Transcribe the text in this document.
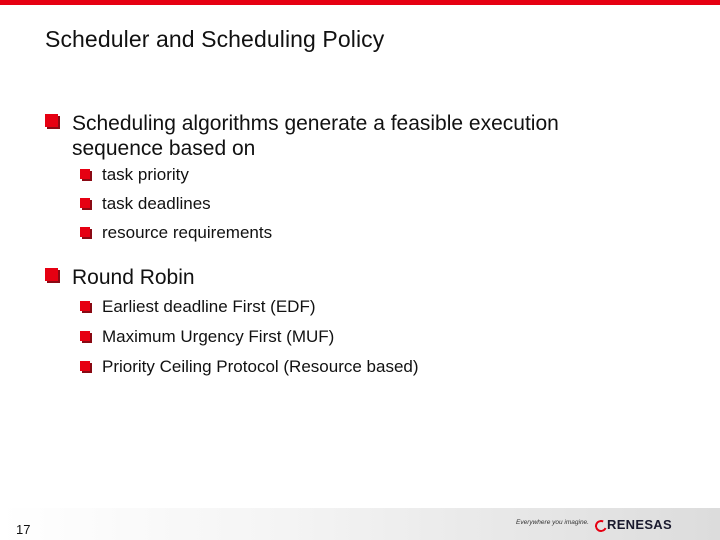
Scheduler and Scheduling Policy
Scheduling algorithms generate a feasible execution
sequence based on
task priority
task deadlines
resource requirements
Round Robin
Earliest deadline First (EDF)
Maximum Urgency First (MUF)
Priority Ceiling Protocol (Resource based)
17	Everywhere you imagine. RENESAS
